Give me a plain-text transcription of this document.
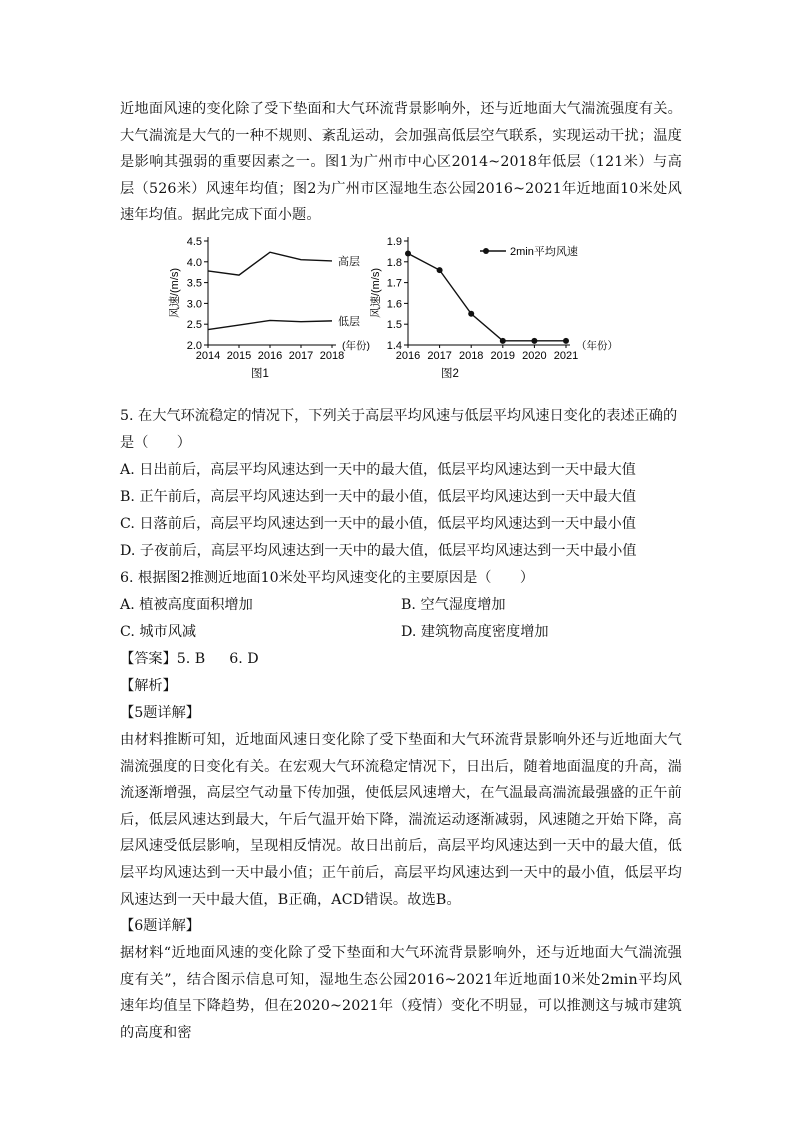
近地面风速的变化除了受下垫面和大气环流背景影响外，还与近地面大气湍流强度有关。大气湍流是大气的一种不规则、紊乱运动，会加强高低层空气联系，实现运动干扰；温度是影响其强弱的重要因素之一。图1为广州市中心区2014~2018年低层（121米）与高层（526米）风速年均值；图2为广州市区湿地生态公园2016~2021年近地面10米处风速年均值。据此完成下面小题。

2.0
2.5
3.0
3.5
4.0
4.5
2014 2015 2016 2017 2018
(年份)
风速/(m/s)
图1
高层
低层
1.4
1.5
1.6
1.7
1.8
1.9
2016 2017 2018 2019 2020 2021
（年份）
风速/(m/s)
图2
2min平均风速

5. 在大气环流稳定的情况下，下列关于高层平均风速与低层平均风速日变化的表述正确的是（　　）

A. 日出前后，高层平均风速达到一天中的最大值，低层平均风速达到一天中最大值

B. 正午前后，高层平均风速达到一天中的最小值，低层平均风速达到一天中最大值

C. 日落前后，高层平均风速达到一天中的最小值，低层平均风速达到一天中最小值

D. 子夜前后，高层平均风速达到一天中的最大值，低层平均风速达到一天中最小值

6. 根据图2推测近地面10米处平均风速变化的主要原因是（　　）

A. 植被高度面积增加	B. 空气湿度增加

C. 城市风减	D. 建筑物高度密度增加

【答案】5. B 6. D

【解析】

【5题详解】

由材料推断可知，近地面风速日变化除了受下垫面和大气环流背景影响外还与近地面大气湍流强度的日变化有关。在宏观大气环流稳定情况下，日出后，随着地面温度的升高，湍流逐渐增强，高层空气动量下传加强，使低层风速增大，在气温最高湍流最强盛的正午前后，低层风速达到最大，午后气温开始下降，湍流运动逐渐减弱，风速随之开始下降，高层风速受低层影响，呈现相反情况。故日出前后，高层平均风速达到一天中的最大值，低层平均风速达到一天中最小值；正午前后，高层平均风速达到一天中的最小值，低层平均风速达到一天中最大值，B正确，ACD错误。故选B。

【6题详解】

据材料“近地面风速的变化除了受下垫面和大气环流背景影响外，还与近地面大气湍流强度有关”，结合图示信息可知，湿地生态公园2016~2021年近地面10米处2min平均风速年均值呈下降趋势，但在2020~2021年（疫情）变化不明显，可以推测这与城市建筑的高度和密
